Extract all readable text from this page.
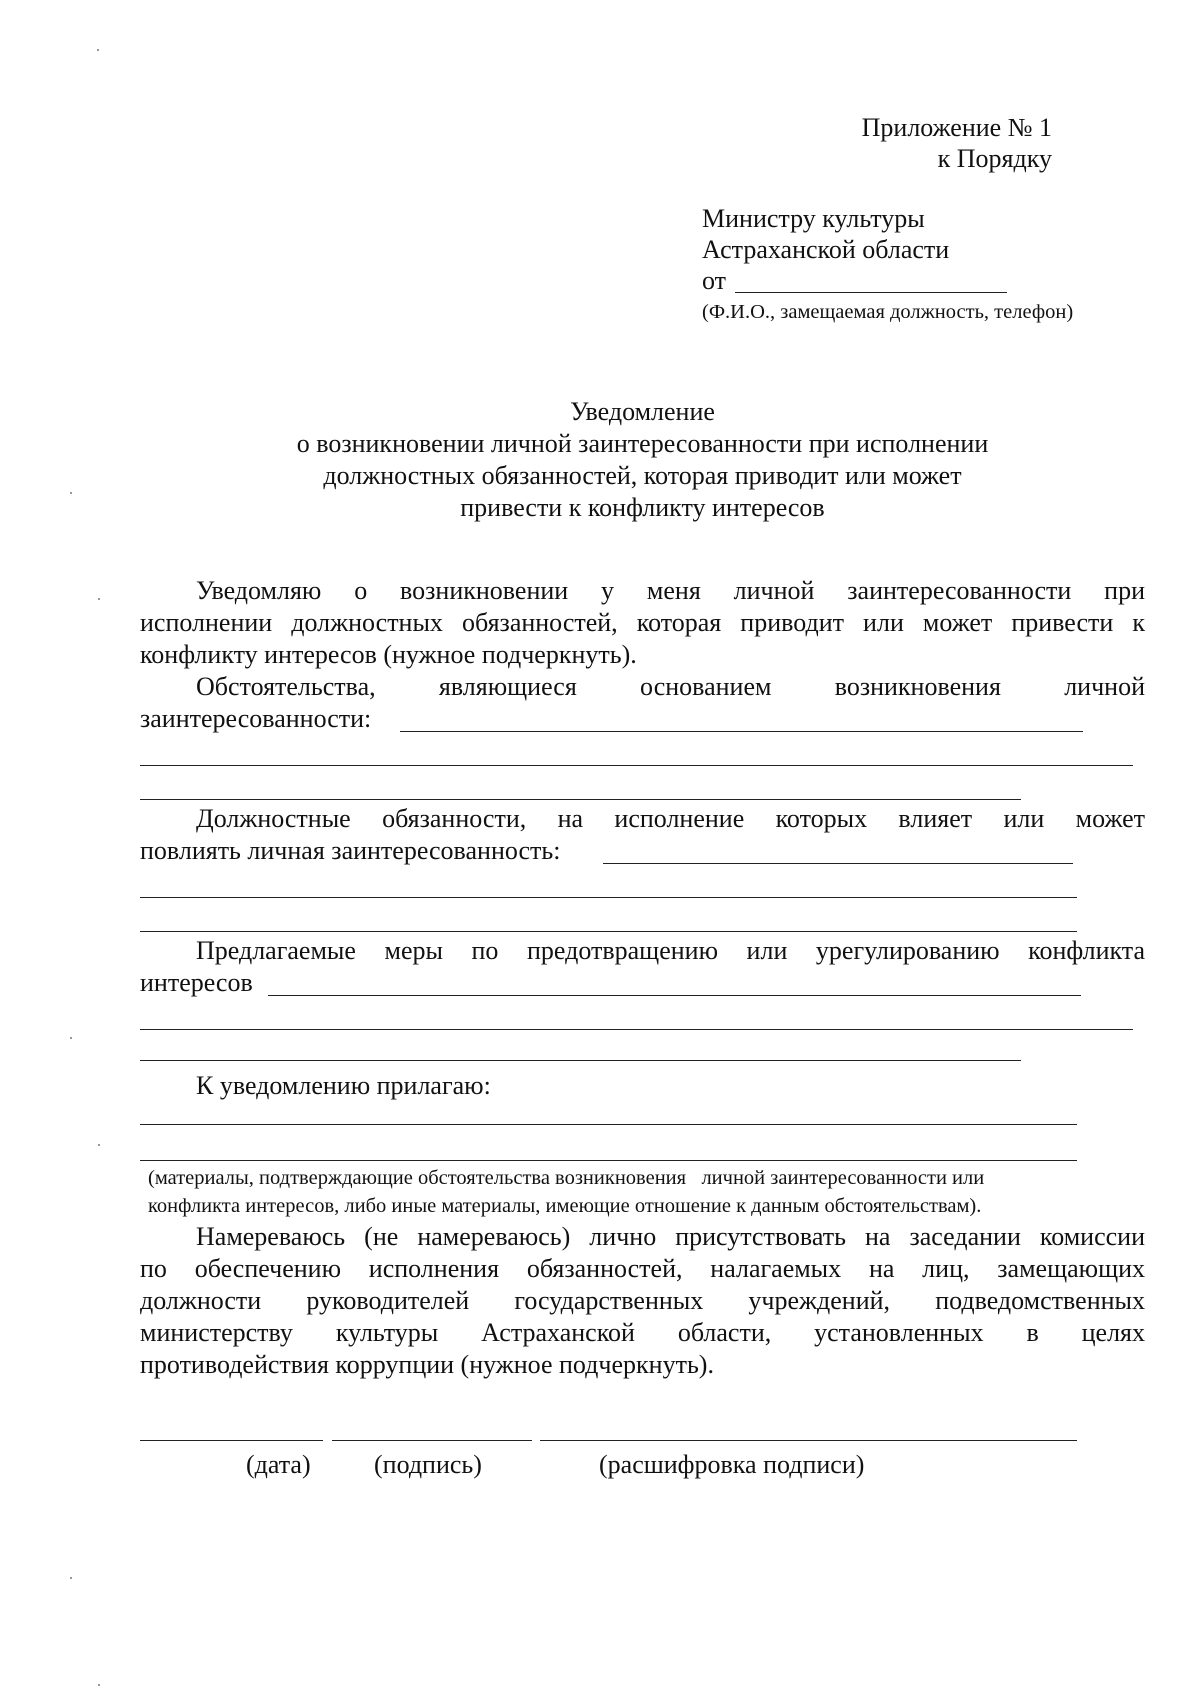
Приложение № 1
к Порядку
Министру культуры
Астраханской области
от
(Ф.И.О., замещаемая должность, телефон)
Уведомление
о возникновении личной заинтересованности при исполнении
должностных обязанностей, которая приводит или может
привести к конфликту интересов
Уведомляю о возникновении у меня личной заинтересованности при
исполнении должностных обязанностей, которая приводит или может привести к
конфликту интересов (нужное подчеркнуть).
Обстоятельства, являющиеся основанием возникновения личной
заинтересованности:
Должностные обязанности, на исполнение которых влияет или может
повлиять личная заинтересованность:
Предлагаемые меры по предотвращению или урегулированию конфликта
интересов
К уведомлению прилагаю:
(материалы, подтверждающие обстоятельства возникновения   личной заинтересованности или
конфликта интересов, либо иные материалы, имеющие отношение к данным обстоятельствам).
Намереваюсь (не намереваюсь) лично присутствовать на заседании комиссии
по обеспечению исполнения обязанностей, налагаемых на лиц, замещающих
должности руководителей государственных учреждений, подведомственных
министерству культуры Астраханской области, установленных в целях
противодействия коррупции (нужное подчеркнуть).
(дата) (подпись)	(расшифровка подписи)
